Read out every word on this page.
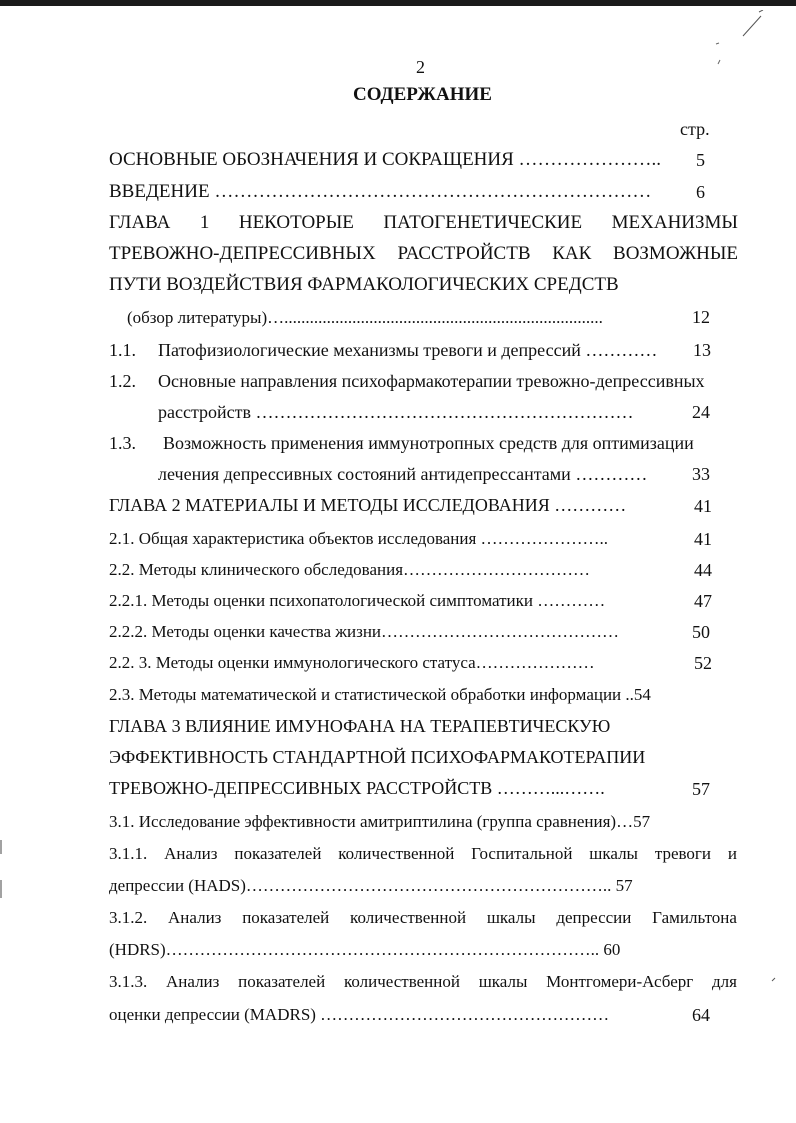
2
СОДЕРЖАНИЕ
стр.
ОСНОВНЫЕ ОБОЗНАЧЕНИЯ И СОКРАЩЕНИЯ ………………….. 5
ВВЕДЕНИЕ …………………………………………………………… 6
ГЛАВА 1 НЕКОТОРЫЕ ПАТОГЕНЕТИЧЕСКИЕ МЕХАНИЗМЫ
ТРЕВОЖНО-ДЕПРЕССИВНЫХ РАССТРОЙСТВ КАК ВОЗМОЖНЫЕ
ПУТИ ВОЗДЕЙСТВИЯ ФАРМАКОЛОГИЧЕСКИХ СРЕДСТВ
(обзор литературы)…...........................................................................	12
1.1. Патофизиологические механизмы тревоги и депрессий ………… 13
1.2. Основные направления психофармакотерапии тревожно-депрессивных
расстройств ………………………………………………………	24
1.3. Возможность применения иммунотропных средств для оптимизации
лечения депрессивных состояний антидепрессантами ………… 33
ГЛАВА 2 МАТЕРИАЛЫ И МЕТОДЫ ИССЛЕДОВАНИЯ …………	41
2.1. Общая характеристика объектов исследования …………………..	41
2.2. Методы клинического обследования……………………………	44
2.2.1. Методы оценки психопатологической симптоматики …………	47
2.2.2. Методы оценки качества жизни……………………………………	50
2.2. 3. Методы оценки иммунологического статуса…………………	52
2.3. Методы математической и статистической обработки информации ..54
ГЛАВА 3 ВЛИЯНИЕ ИМУНОФАНА НА ТЕРАПЕВТИЧЕСКУЮ
ЭФФЕКТИВНОСТЬ СТАНДАРТНОЙ ПСИХОФАРМАКОТЕРАПИИ
ТРЕВОЖНО-ДЕПРЕССИВНЫХ РАССТРОЙСТВ ………...…….	57
3.1. Исследование эффективности амитриптилина (группа сравнения)…57
3.1.1. Анализ показателей количественной Госпитальной шкалы тревоги и
депрессии (HADS)……………………………………………………….. 57
3.1.2. Анализ показателей количественной шкалы депрессии Гамильтона
(HDRS)………………………………………………………………….. 60
3.1.3. Анализ показателей количественной шкалы Монтгомери-Асберг для
оценки депрессии (MADRS) ……………………………………………	64
